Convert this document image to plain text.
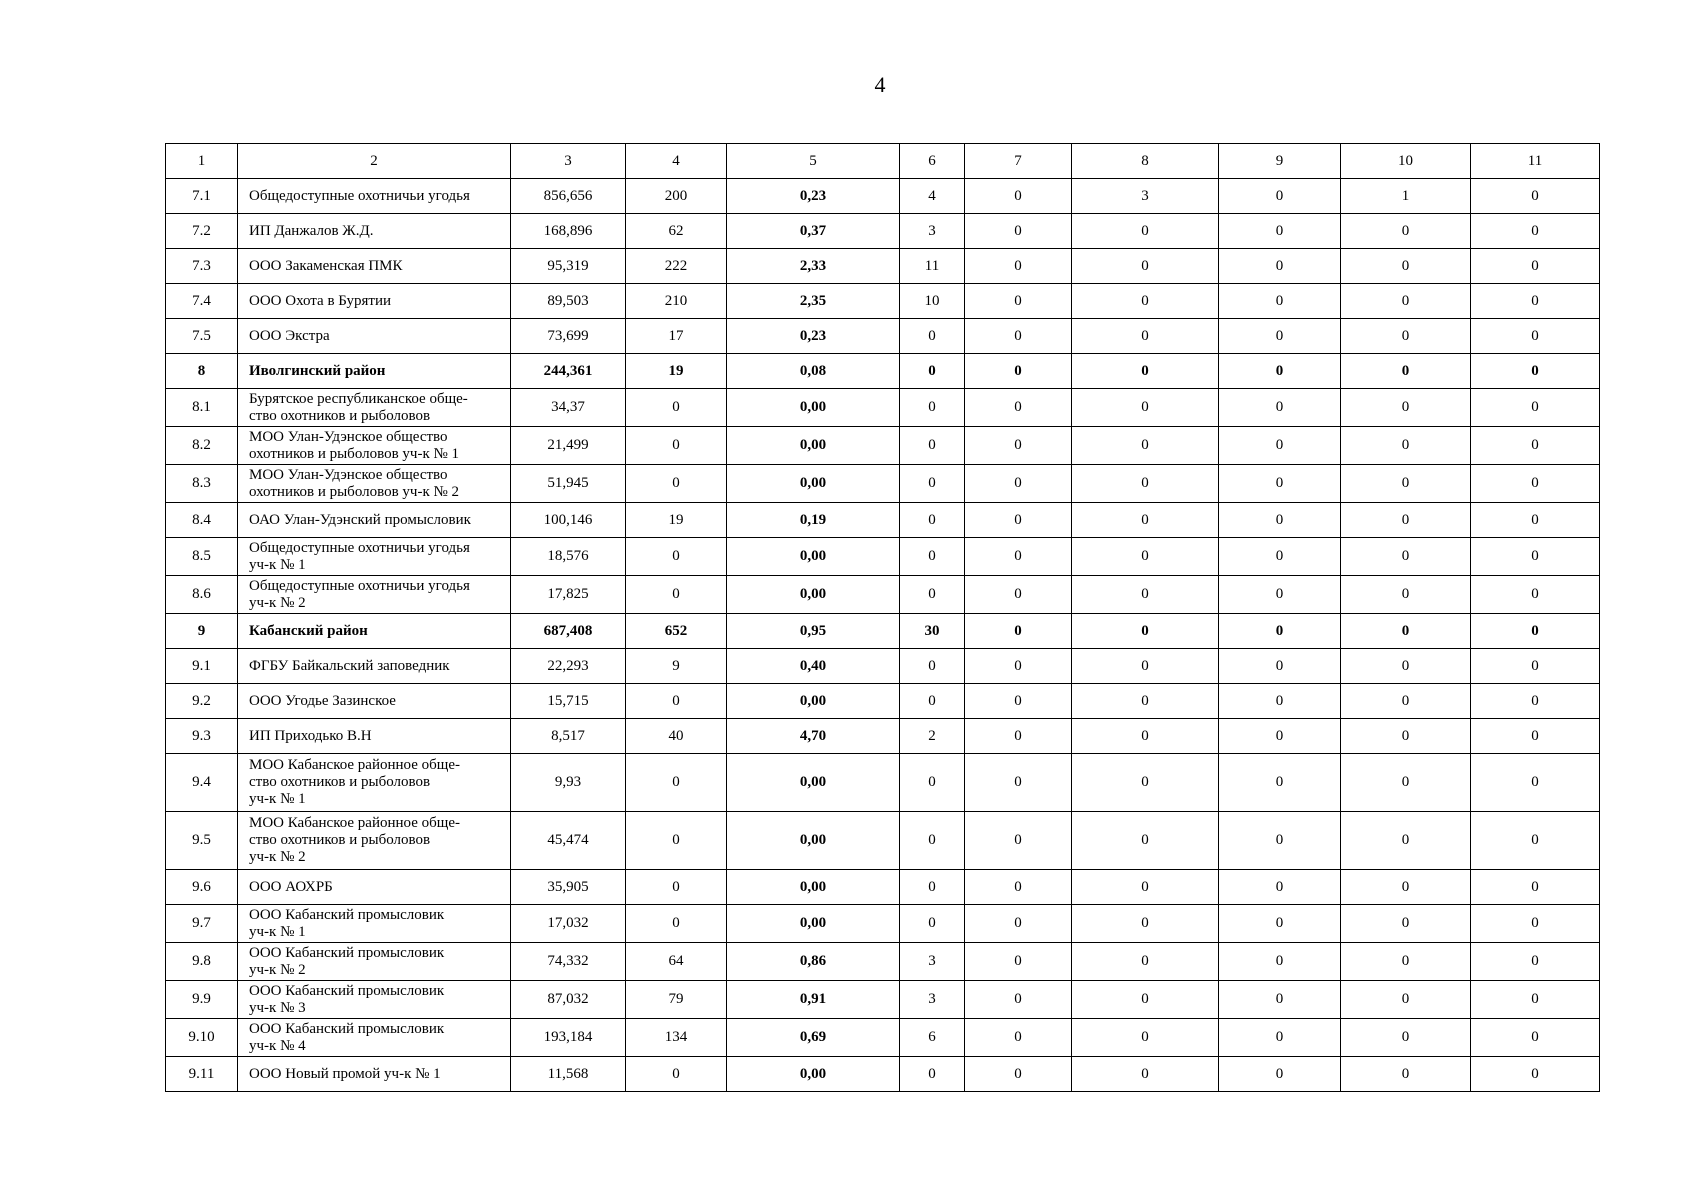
4
1	2	3	4	5	6	7	8	9	10	11
7.1	Общедоступные охотничьи угодья	856,656	200	0,23	4	0	3	0	1	0
7.2	ИП Данжалов Ж.Д.	168,896	62	0,37	3	0	0	0	0	0
7.3	ООО Закаменская ПМК	95,319	222	2,33	11	0	0	0	0	0
7.4	ООО Охота в Бурятии	89,503	210	2,35	10	0	0	0	0	0
7.5	ООО Экстра	73,699	17	0,23	0	0	0	0	0	0
8	Иволгинский район	244,361	19	0,08	0	0	0	0	0	0
8.1	Бурятское республиканское обще-
ство охотников и рыболовов	34,37	0	0,00	0	0	0	0	0	0
8.2	МОО Улан-Удэнское общество
охотников и рыболовов уч-к № 1	21,499	0	0,00	0	0	0	0	0	0
8.3	МОО Улан-Удэнское общество
охотников и рыболовов уч-к № 2	51,945	0	0,00	0	0	0	0	0	0
8.4	ОАО Улан-Удэнский промысловик	100,146	19	0,19	0	0	0	0	0	0
8.5	Общедоступные охотничьи угодья
уч-к № 1	18,576	0	0,00	0	0	0	0	0	0
8.6	Общедоступные охотничьи угодья
уч-к № 2	17,825	0	0,00	0	0	0	0	0	0
9	Кабанский район	687,408	652	0,95	30	0	0	0	0	0
9.1	ФГБУ Байкальский заповедник	22,293	9	0,40	0	0	0	0	0	0
9.2	ООО Угодье Зазинское	15,715	0	0,00	0	0	0	0	0	0
9.3	ИП Приходько В.Н	8,517	40	4,70	2	0	0	0	0	0
9.4	МОО Кабанское районное обще-
ство охотников и рыболовов
уч-к № 1	9,93	0	0,00	0	0	0	0	0	0
9.5	МОО Кабанское районное обще-
ство охотников и рыболовов
уч-к № 2	45,474	0	0,00	0	0	0	0	0	0
9.6	ООО АОХРБ	35,905	0	0,00	0	0	0	0	0	0
9.7	ООО Кабанский промысловик
уч-к № 1	17,032	0	0,00	0	0	0	0	0	0
9.8	ООО Кабанский промысловик
уч-к № 2	74,332	64	0,86	3	0	0	0	0	0
9.9	ООО Кабанский промысловик
уч-к № 3	87,032	79	0,91	3	0	0	0	0	0
9.10	ООО Кабанский промысловик
уч-к № 4	193,184	134	0,69	6	0	0	0	0	0
9.11	ООО Новый промой уч-к № 1	11,568	0	0,00	0	0	0	0	0	0
